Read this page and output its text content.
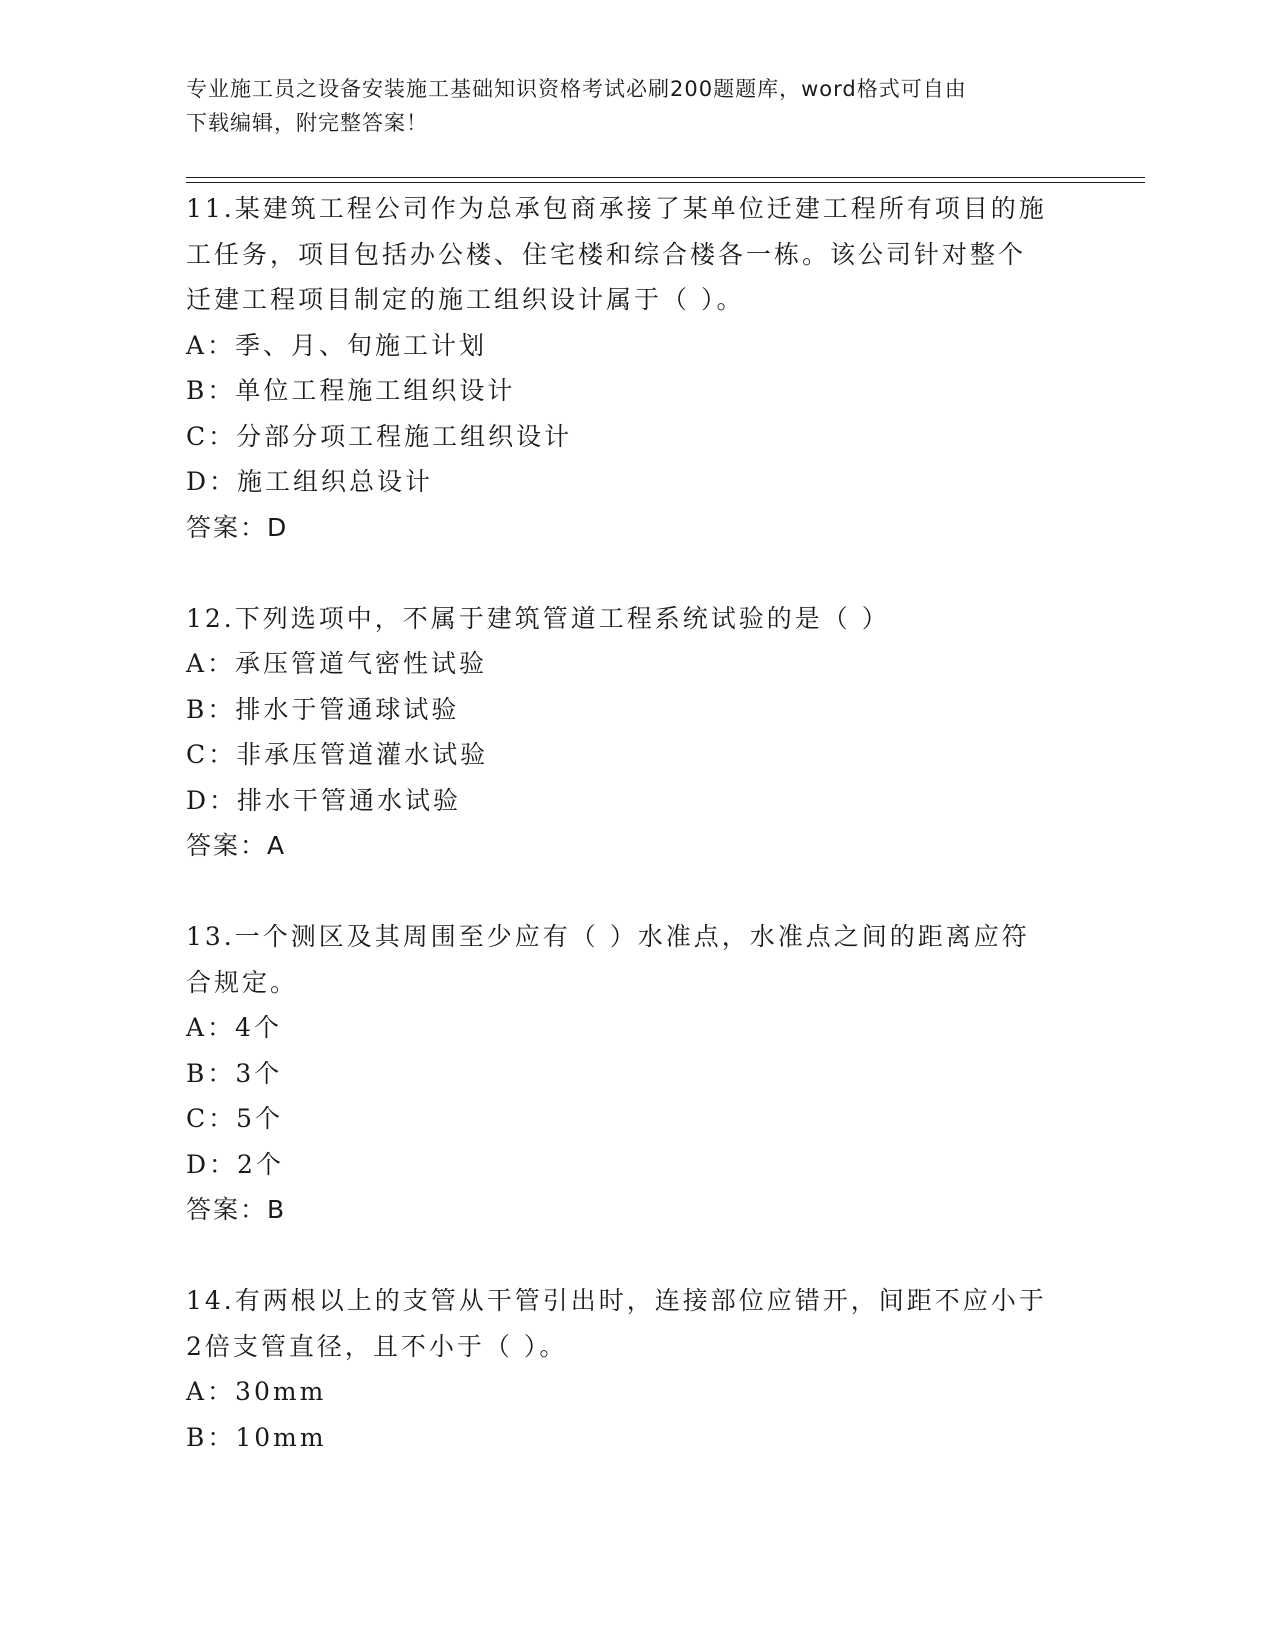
专业施工员之设备安装施工基础知识资格考试必刷200题题库，word格式可自由
下载编辑，附完整答案！
11.某建筑工程公司作为总承包商承接了某单位迁建工程所有项目的施
工任务，项目包括办公楼、住宅楼和综合楼各一栋。该公司针对整个
迁建工程项目制定的施工组织设计属于（ ）。
A：季、月、旬施工计划
B：单位工程施工组织设计
C：分部分项工程施工组织设计
D：施工组织总设计
答案：D
12.下列选项中，不属于建筑管道工程系统试验的是（ ）
A：承压管道气密性试验
B：排水于管通球试验
C：非承压管道灌水试验
D：排水干管通水试验
答案：A
13.一个测区及其周围至少应有（ ）水准点，水准点之间的距离应符
合规定。
A：4个
B：3个
C：5个
D：2个
答案：B
14.有两根以上的支管从干管引出时，连接部位应错开，间距不应小于
2倍支管直径，且不小于（ ）。
A：30mm
B：10mm
